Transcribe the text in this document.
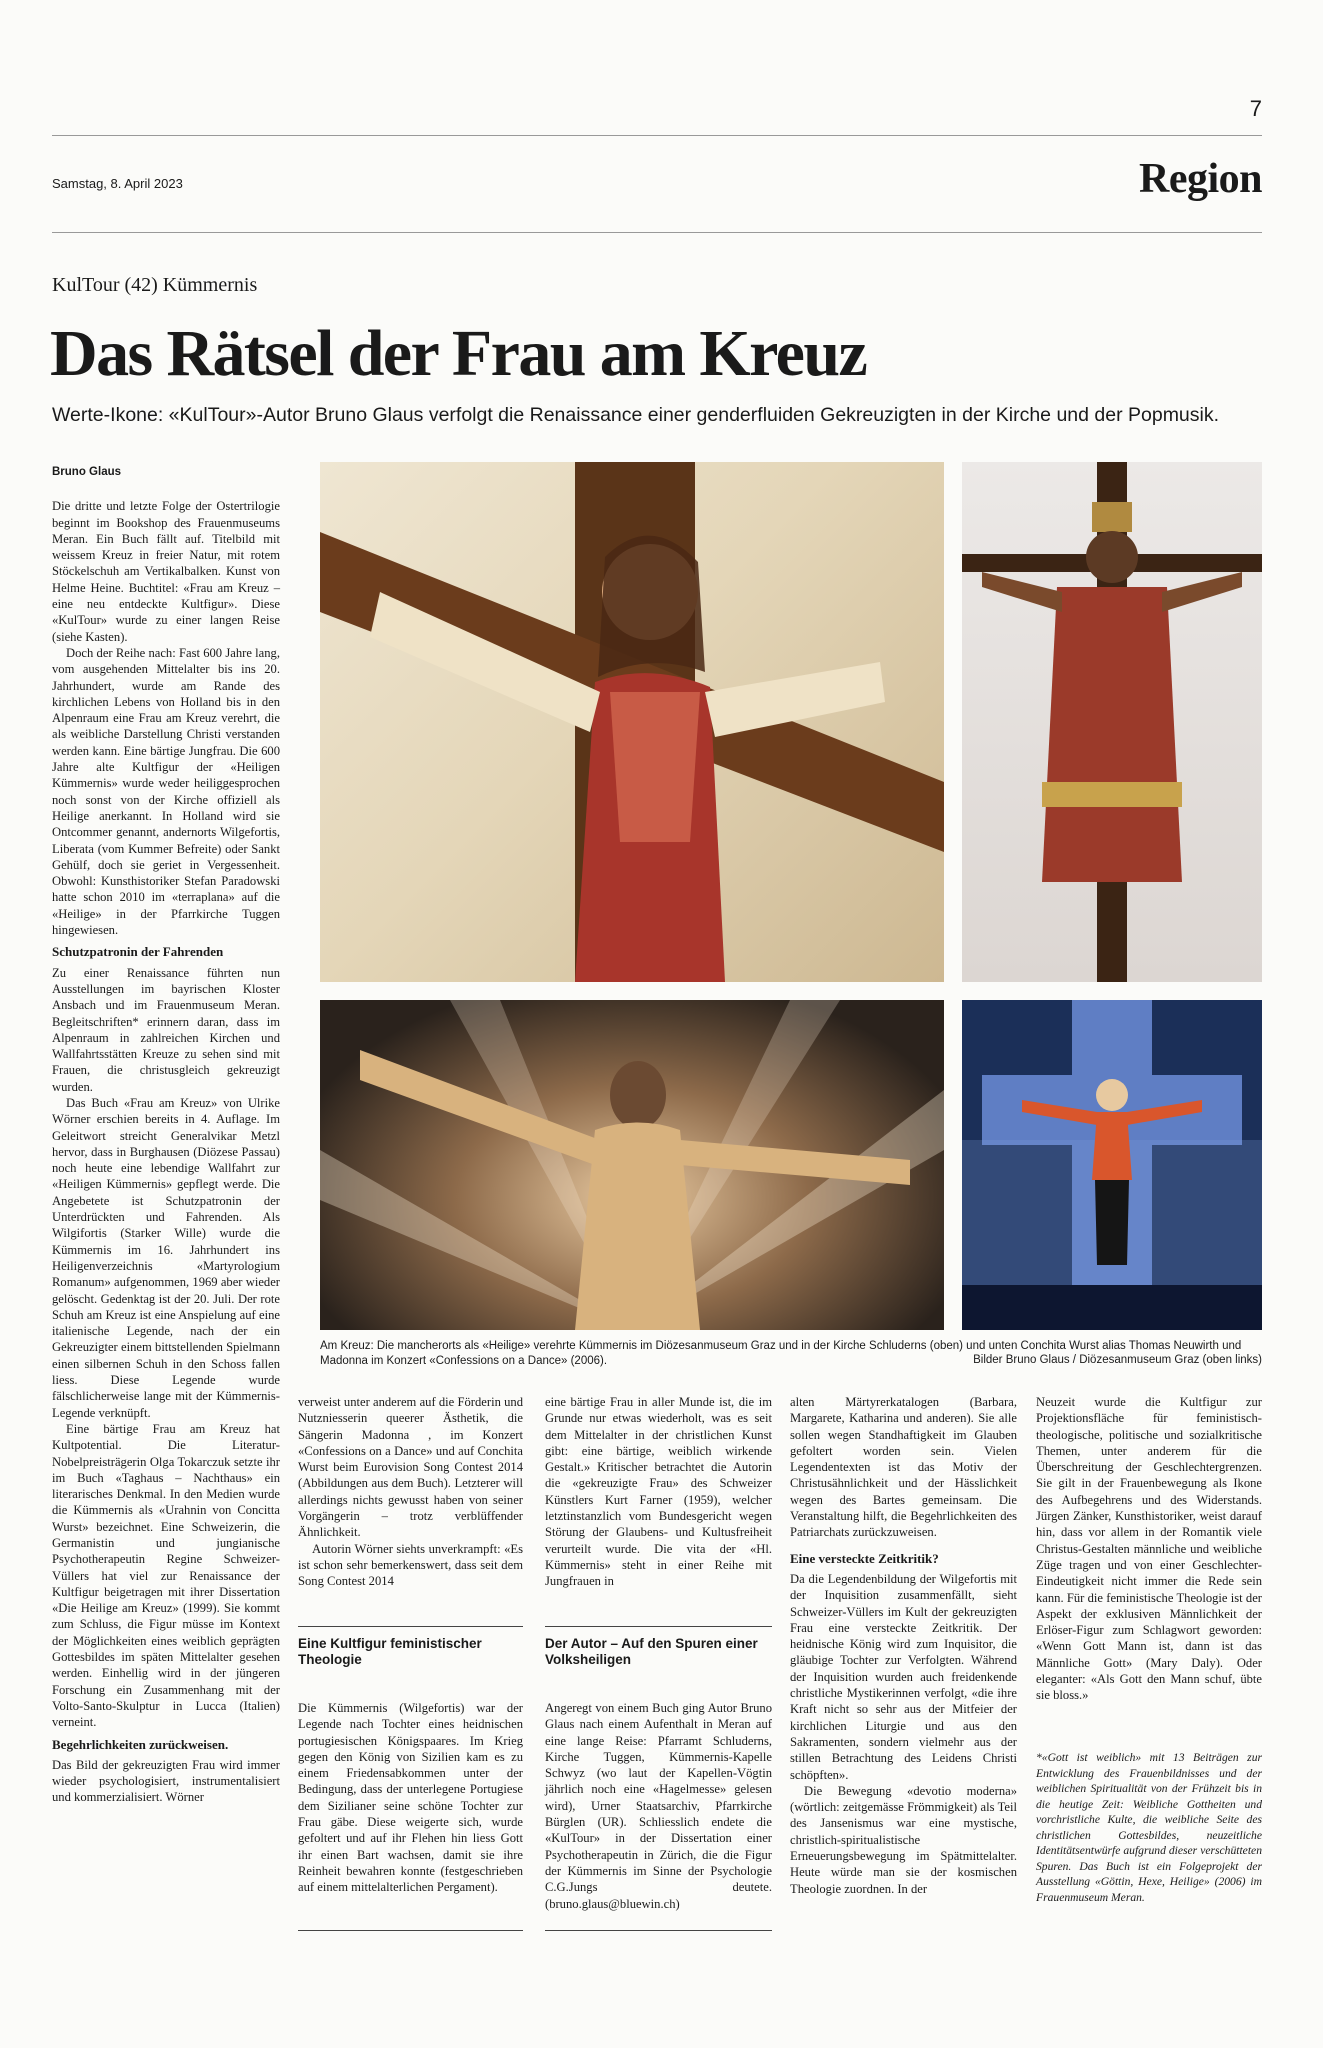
7
Samstag, 8. April 2023	Region
KulTour (42) Kümmernis
Das Rätsel der Frau am Kreuz
Werte-Ikone: «KulTour»-Autor Bruno Glaus verfolgt die Renaissance einer genderfluiden Gekreuzigten in der Kirche und der Popmusik.
Bruno Glaus

Die dritte und letzte Folge der Ostertrilogie beginnt im Bookshop des Frauenmuseums Meran. Ein Buch fällt auf. Titelbild mit weissem Kreuz in freier Natur, mit rotem Stöckelschuh am Vertikalbalken. Kunst von Helme Heine. Buchtitel: «Frau am Kreuz – eine neu entdeckte Kultfigur». Diese «KulTour» wurde zu einer langen Reise (siehe Kasten).

Doch der Reihe nach: Fast 600 Jahre lang, vom ausgehenden Mittelalter bis ins 20. Jahrhundert, wurde am Rande des kirchlichen Lebens von Holland bis in den Alpenraum eine Frau am Kreuz verehrt, die als weibliche Darstellung Christi verstanden werden kann. Eine bärtige Jungfrau. Die 600 Jahre alte Kultfigur der «Heiligen Kümmernis» wurde weder heiliggesprochen noch sonst von der Kirche offiziell als Heilige anerkannt. In Holland wird sie Ontcommer genannt, andernorts Wilgefortis, Liberata (vom Kummer Befreite) oder Sankt Gehülf, doch sie geriet in Vergessenheit. Obwohl: Kunsthistoriker Stefan Paradowski hatte schon 2010 im «terraplana» auf die «Heilige» in der Pfarrkirche Tuggen hingewiesen.

Schutzpatronin der Fahrenden

Zu einer Renaissance führten nun Ausstellungen im bayrischen Kloster Ansbach und im Frauenmuseum Meran. Begleitschriften* erinnern daran, dass im Alpenraum in zahlreichen Kirchen und Wallfahrtsstätten Kreuze zu sehen sind mit Frauen, die christusgleich gekreuzigt wurden.

Das Buch «Frau am Kreuz» von Ulrike Wörner erschien bereits in 4. Auflage. Im Geleitwort streicht Generalvikar Metzl hervor, dass in Burghausen (Diözese Passau) noch heute eine lebendige Wallfahrt zur «Heiligen Kümmernis» gepflegt werde. Die Angebetete ist Schutzpatronin der Unterdrückten und Fahrenden. Als Wilgifortis (Starker Wille) wurde die Kümmernis im 16. Jahrhundert ins Heiligenverzeichnis «Martyrologium Romanum» aufgenommen, 1969 aber wieder gelöscht. Gedenktag ist der 20. Juli. Der rote Schuh am Kreuz ist eine Anspielung auf eine italienische Legende, nach der ein Gekreuzigter einem bittstellenden Spielmann einen silbernen Schuh in den Schoss fallen liess. Diese Legende wurde fälschlicherweise lange mit der Kümmernis-Legende verknüpft.

Eine bärtige Frau am Kreuz hat Kultpotential. Die Literatur-Nobelpreisträgerin Olga Tokarczuk setzte ihr im Buch «Taghaus – Nachthaus» ein literarisches Denkmal. In den Medien wurde die Kümmernis als «Urahnin von Concitta Wurst» bezeichnet. Eine Schweizerin, die Germanistin und jungianische Psychotherapeutin Regine Schweizer-Vüllers hat viel zur Renaissance der Kultfigur beigetragen mit ihrer Dissertation «Die Heilige am Kreuz» (1999). Sie kommt zum Schluss, die Figur müsse im Kontext der Möglichkeiten eines weiblich geprägten Gottesbildes im späten Mittelalter gesehen werden. Einhellig wird in der jüngeren Forschung ein Zusammenhang mit der Volto-Santo-Skulptur in Lucca (Italien) verneint.

Begehrlichkeiten zurückweisen.

Das Bild der gekreuzigten Frau wird immer wieder psychologisiert, instrumentalisiert und kommerzialisiert. Wörner

Am Kreuz: Die mancherorts als «Heilige» verehrte Kümmernis im Diözesanmuseum Graz und in der Kirche Schluderns (oben) und unten Conchita Wurst alias Thomas Neuwirth und Madonna im Konzert «Confessions on a Dance» (2006).	Bilder Bruno Glaus / Diözesanmuseum Graz (oben links)

verweist unter anderem auf die Förderin und Nutzniesserin queerer Ästhetik, die Sängerin Madonna , im Konzert «Confessions on a Dance» und auf Conchita Wurst beim Eurovision Song Contest 2014 (Abbildungen aus dem Buch). Letzterer will allerdings nichts gewusst haben von seiner Vorgängerin – trotz verblüffender Ähnlichkeit.

Autorin Wörner siehts unverkrampft: «Es ist schon sehr bemerkenswert, dass seit dem Song Contest 2014

eine bärtige Frau in aller Munde ist, die im Grunde nur etwas wiederholt, was es seit dem Mittelalter in der christlichen Kunst gibt: eine bärtige, weiblich wirkende Gestalt.» Kritischer betrachtet die Autorin die «gekreuzigte Frau» des Schweizer Künstlers Kurt Farner (1959), welcher letztinstanzlich vom Bundesgericht wegen Störung der Glaubens- und Kultusfreiheit verurteilt wurde. Die vita der «Hl. Kümmernis» steht in einer Reihe mit Jungfrauen in

alten Märtyrerkatalogen (Barbara, Margarete, Katharina und anderen). Sie alle sollen wegen Standhaftigkeit im Glauben gefoltert worden sein. Vielen Legendentexten ist das Motiv der Christusähnlichkeit und der Hässlichkeit wegen des Bartes gemeinsam. Die Veranstaltung hilft, die Begehrlichkeiten des Patriarchats zurückzuweisen.

Eine versteckte Zeitkritik?

Da die Legendenbildung der Wilgefortis mit der Inquisition zusammenfällt, sieht Schweizer-Vüllers im Kult der gekreuzigten Frau eine versteckte Zeitkritik. Der heidnische König wird zum Inquisitor, die gläubige Tochter zur Verfolgten. Während der Inquisition wurden auch freidenkende christliche Mystikerinnen verfolgt, «die ihre Kraft nicht so sehr aus der Mitfeier der kirchlichen Liturgie und aus den Sakramenten, sondern vielmehr aus der stillen Betrachtung des Leidens Christi schöpften».

Die Bewegung «devotio moderna» (wörtlich: zeitgemässe Frömmigkeit) als Teil des Jansenismus war eine mystische, christlich-spiritualistische Erneuerungsbewegung im Spätmittelalter. Heute würde man sie der kosmischen Theologie zuordnen. In der

Neuzeit wurde die Kultfigur zur Projektionsfläche für feministisch-theologische, politische und sozialkritische Themen, unter anderem für die Überschreitung der Geschlechtergrenzen. Sie gilt in der Frauenbewegung als Ikone des Aufbegehrens und des Widerstands. Jürgen Zänker, Kunsthistoriker, weist darauf hin, dass vor allem in der Romantik viele Christus-Gestalten männliche und weibliche Züge tragen und von einer Geschlechter-Eindeutigkeit nicht immer die Rede sein kann. Für die feministische Theologie ist der Aspekt der exklusiven Männlichkeit der Erlöser-Figur zum Schlagwort geworden: «Wenn Gott Mann ist, dann ist das Männliche Gott» (Mary Daly). Oder eleganter: «Als Gott den Mann schuf, übte sie bloss.»

*«Gott ist weiblich» mit 13 Beiträgen zur Entwicklung des Frauenbildnisses und der weiblichen Spiritualität von der Frühzeit bis in die heutige Zeit: Weibliche Gottheiten und vorchristliche Kulte, die weibliche Seite des christlichen Gottesbildes, neuzeitliche Identitätsentwürfe aufgrund dieser verschütteten Spuren. Das Buch ist ein Folgeprojekt der Ausstellung «Göttin, Hexe, Heilige» (2006) im Frauenmuseum Meran.
Eine Kultfigur feministischer Theologie

Die Kümmernis (Wilgefortis) war der Legende nach Tochter eines heidnischen portugiesischen Königspaares. Im Krieg gegen den König von Sizilien kam es zu einem Friedensabkommen unter der Bedingung, dass der unterlegene Portugiese dem Sizilianer seine schöne Tochter zur Frau gäbe. Diese weigerte sich, wurde gefoltert und auf ihr Flehen hin liess Gott ihr einen Bart wachsen, damit sie ihre Reinheit bewahren konnte (festgeschrieben auf einem mittelalterlichen Pergament).

Der Autor – Auf den Spuren einer Volksheiligen

Angeregt von einem Buch ging Autor Bruno Glaus nach einem Aufenthalt in Meran auf eine lange Reise: Pfarramt Schluderns, Kirche Tuggen, Kümmernis-Kapelle Schwyz (wo laut der Kapellen-Vögtin jährlich noch eine «Hagelmesse» gelesen wird), Urner Staatsarchiv, Pfarrkirche Bürglen (UR). Schliesslich endete die «KulTour» in der Dissertation einer Psychotherapeutin in Zürich, die die Figur der Kümmernis im Sinne der Psychologie C.G.Jungs deutete. (bruno.glaus@bluewin.ch)
